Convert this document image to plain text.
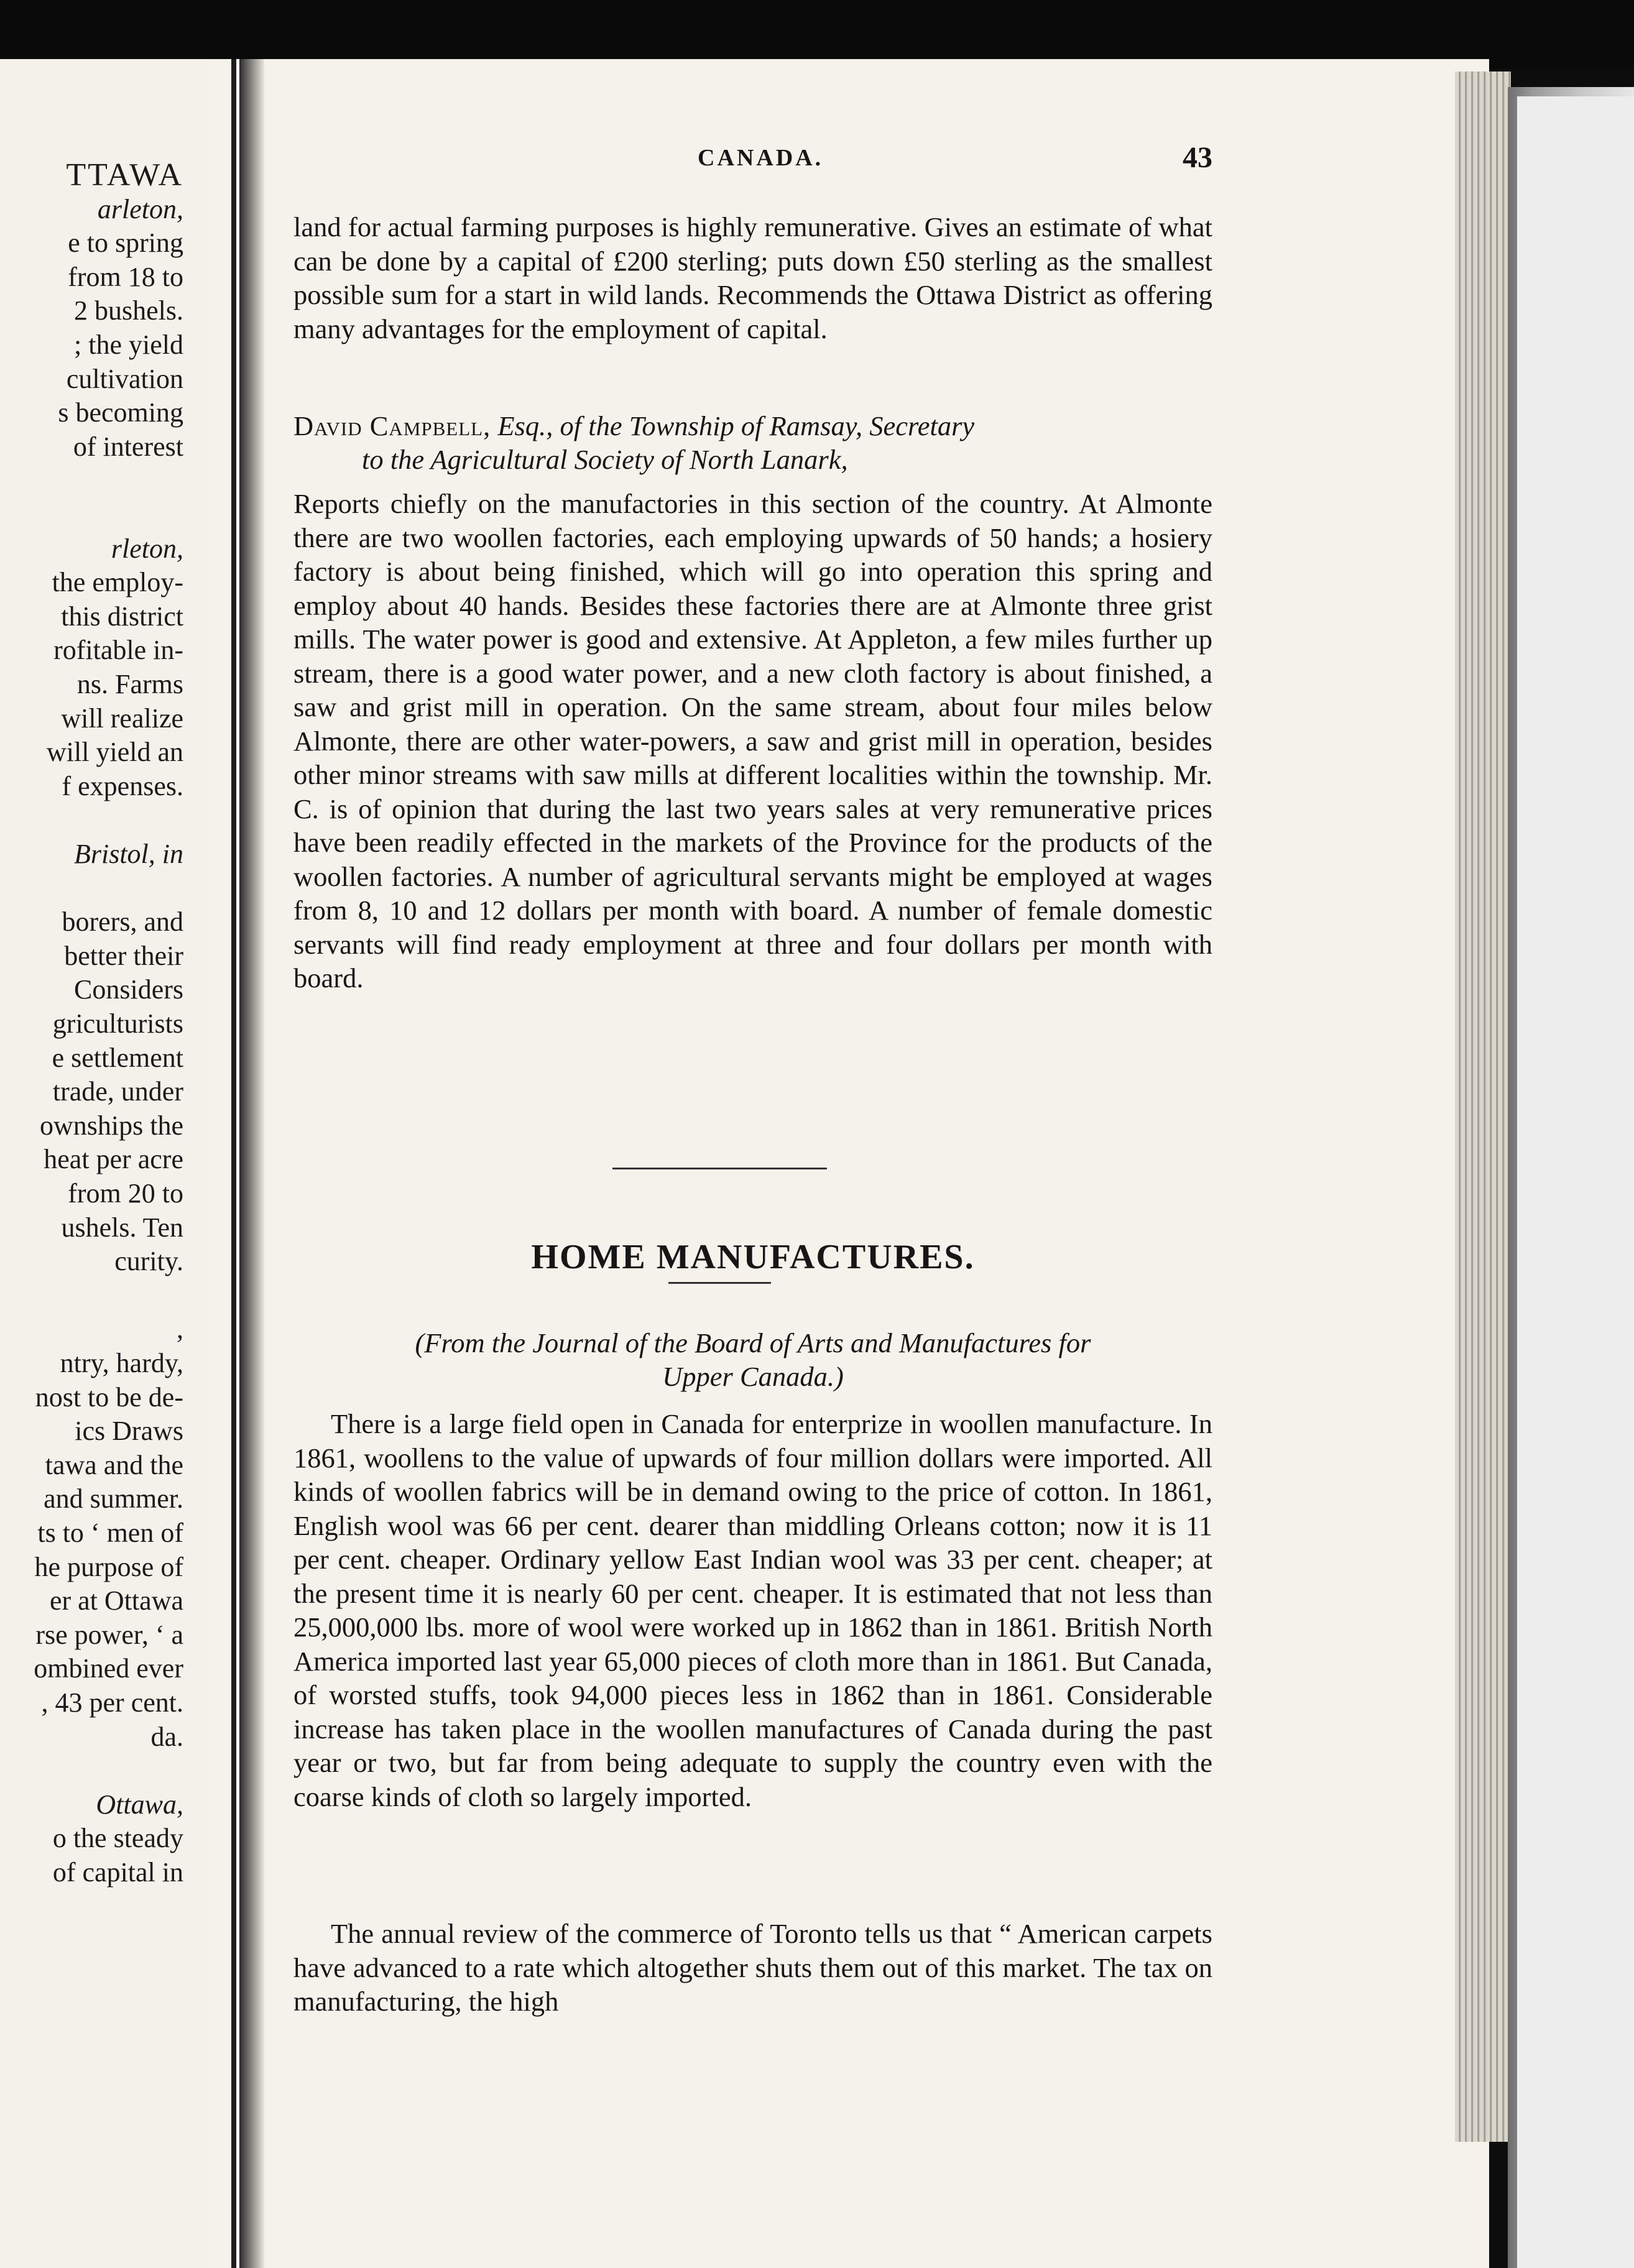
TTAWA
arleton,
e to spring
from 18 to
2 bushels.
; the yield
cultivation
s becoming
of interest
rleton,
the employ-
this district
rofitable in-
ns. Farms
will realize
will yield an
f expenses.
Bristol, in
borers, and
better their
Considers
griculturists
e settlement
trade, under
ownships the
heat per acre
from 20 to
ushels. Ten
curity.
,
ntry, hardy,
nost to be de-
ics Draws
tawa and the
and summer.
ts to ‘ men of
he purpose of
er at Ottawa
rse power, ‘ a
ombined ever
, 43 per cent.
da.
Ottawa,
o the steady
of capital in
CANADA.	43

land for actual farming purposes is highly remunerative. Gives an estimate of what can be done by a capital of £200 sterling; puts down £50 sterling as the smallest possible sum for a start in wild lands. Recommends the Ottawa District as offering many advantages for the employment of capital.

David Campbell, Esq., of the Township of Ramsay, Secretary
to the Agricultural Society of North Lanark,

Reports chiefly on the manufactories in this section of the country. At Almonte there are two woollen factories, each employing upwards of 50 hands; a hosiery factory is about being finished, which will go into operation this spring and employ about 40 hands. Besides these factories there are at Almonte three grist mills. The water power is good and extensive. At Appleton, a few miles further up stream, there is a good water power, and a new cloth factory is about finished, a saw and grist mill in operation. On the same stream, about four miles below Almonte, there are other water-powers, a saw and grist mill in operation, besides other minor streams with saw mills at different localities within the township. Mr. C. is of opinion that during the last two years sales at very remunerative prices have been readily effected in the markets of the Province for the products of the woollen factories. A number of agricultural servants might be employed at wages from 8, 10 and 12 dollars per month with board. A number of female domestic servants will find ready employment at three and four dollars per month with board.

HOME MANUFACTURES.
(From the Journal of the Board of Arts and Manufactures for
Upper Canada.)

There is a large field open in Canada for enterprize in woollen manufacture. In 1861, woollens to the value of upwards of four million dollars were imported. All kinds of woollen fabrics will be in demand owing to the price of cotton. In 1861, English wool was 66 per cent. dearer than middling Orleans cotton; now it is 11 per cent. cheaper. Ordinary yellow East Indian wool was 33 per cent. cheaper; at the present time it is nearly 60 per cent. cheaper. It is estimated that not less than 25,000,000 lbs. more of wool were worked up in 1862 than in 1861. British North America imported last year 65,000 pieces of cloth more than in 1861. But Canada, of worsted stuffs, took 94,000 pieces less in 1862 than in 1861. Considerable increase has taken place in the woollen manufactures of Canada during the past year or two, but far from being adequate to supply the country even with the coarse kinds of cloth so largely imported.

The annual review of the commerce of Toronto tells us that “ American carpets have advanced to a rate which altogether shuts them out of this market. The tax on manufacturing, the high
